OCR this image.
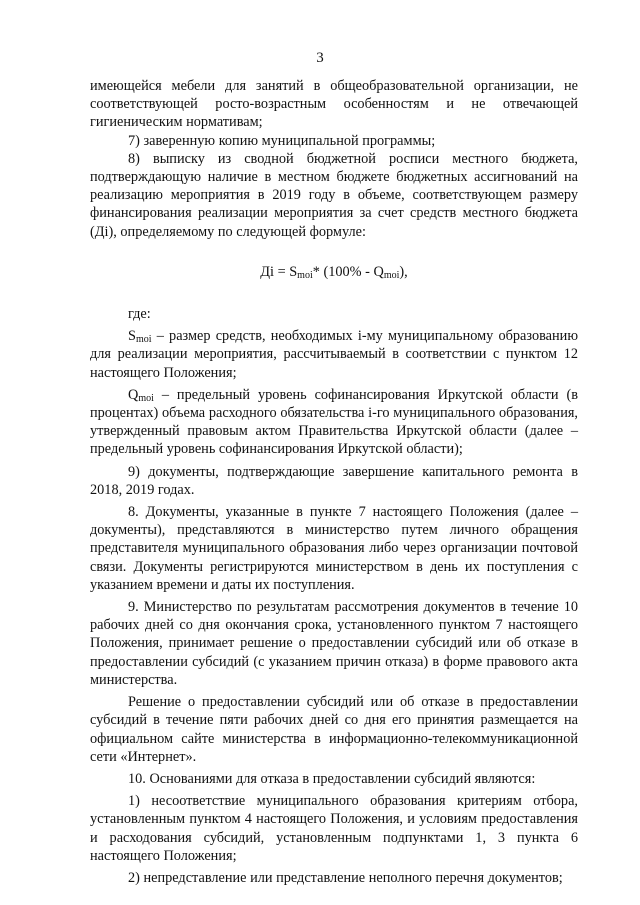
3

имеющейся мебели для занятий в общеобразовательной организации, не соответствующей росто-возрастным особенностям и не отвечающей гигиеническим нормативам;

7) заверенную копию муниципальной программы;

8) выписку из сводной бюджетной росписи местного бюджета, подтверждающую наличие в местном бюджете бюджетных ассигнований на реализацию мероприятия в 2019 году в объеме, соответствующем размеру финансирования реализации мероприятия за счет средств местного бюджета (Дi), определяемому по следующей формуле:

Дi = $S_{moi}*$ $(100\% - Q_{moi})$,

где:

$S_{moi}$ – размер средств, необходимых i-му муниципальному образованию для реализации мероприятия, рассчитываемый в соответствии с пунктом 12 настоящего Положения;

$Q_{moi}$ – предельный уровень софинансирования Иркутской области (в процентах) объема расходного обязательства i-го муниципального образования, утвержденный правовым актом Правительства Иркутской области (далее – предельный уровень софинансирования Иркутской области);

9) документы, подтверждающие завершение капитального ремонта в 2018, 2019 годах.

8. Документы, указанные в пункте 7 настоящего Положения (далее – документы), представляются в министерство путем личного обращения представителя муниципального образования либо через организации почтовой связи. Документы регистрируются министерством в день их поступления с указанием времени и даты их поступления.

9. Министерство по результатам рассмотрения документов в течение 10 рабочих дней со дня окончания срока, установленного пунктом 7 настоящего Положения, принимает решение о предоставлении субсидий или об отказе в предоставлении субсидий (с указанием причин отказа) в форме правового акта министерства.

Решение о предоставлении субсидий или об отказе в предоставлении субсидий в течение пяти рабочих дней со дня его принятия размещается на официальном сайте министерства в информационно-телекоммуникационной сети «Интернет».

10. Основаниями для отказа в предоставлении субсидий являются:

1) несоответствие муниципального образования критериям отбора, установленным пунктом 4 настоящего Положения, и условиям предоставления и расходования субсидий, установленным подпунктами 1, 3 пункта 6 настоящего Положения;

2) непредставление или представление неполного перечня документов;
